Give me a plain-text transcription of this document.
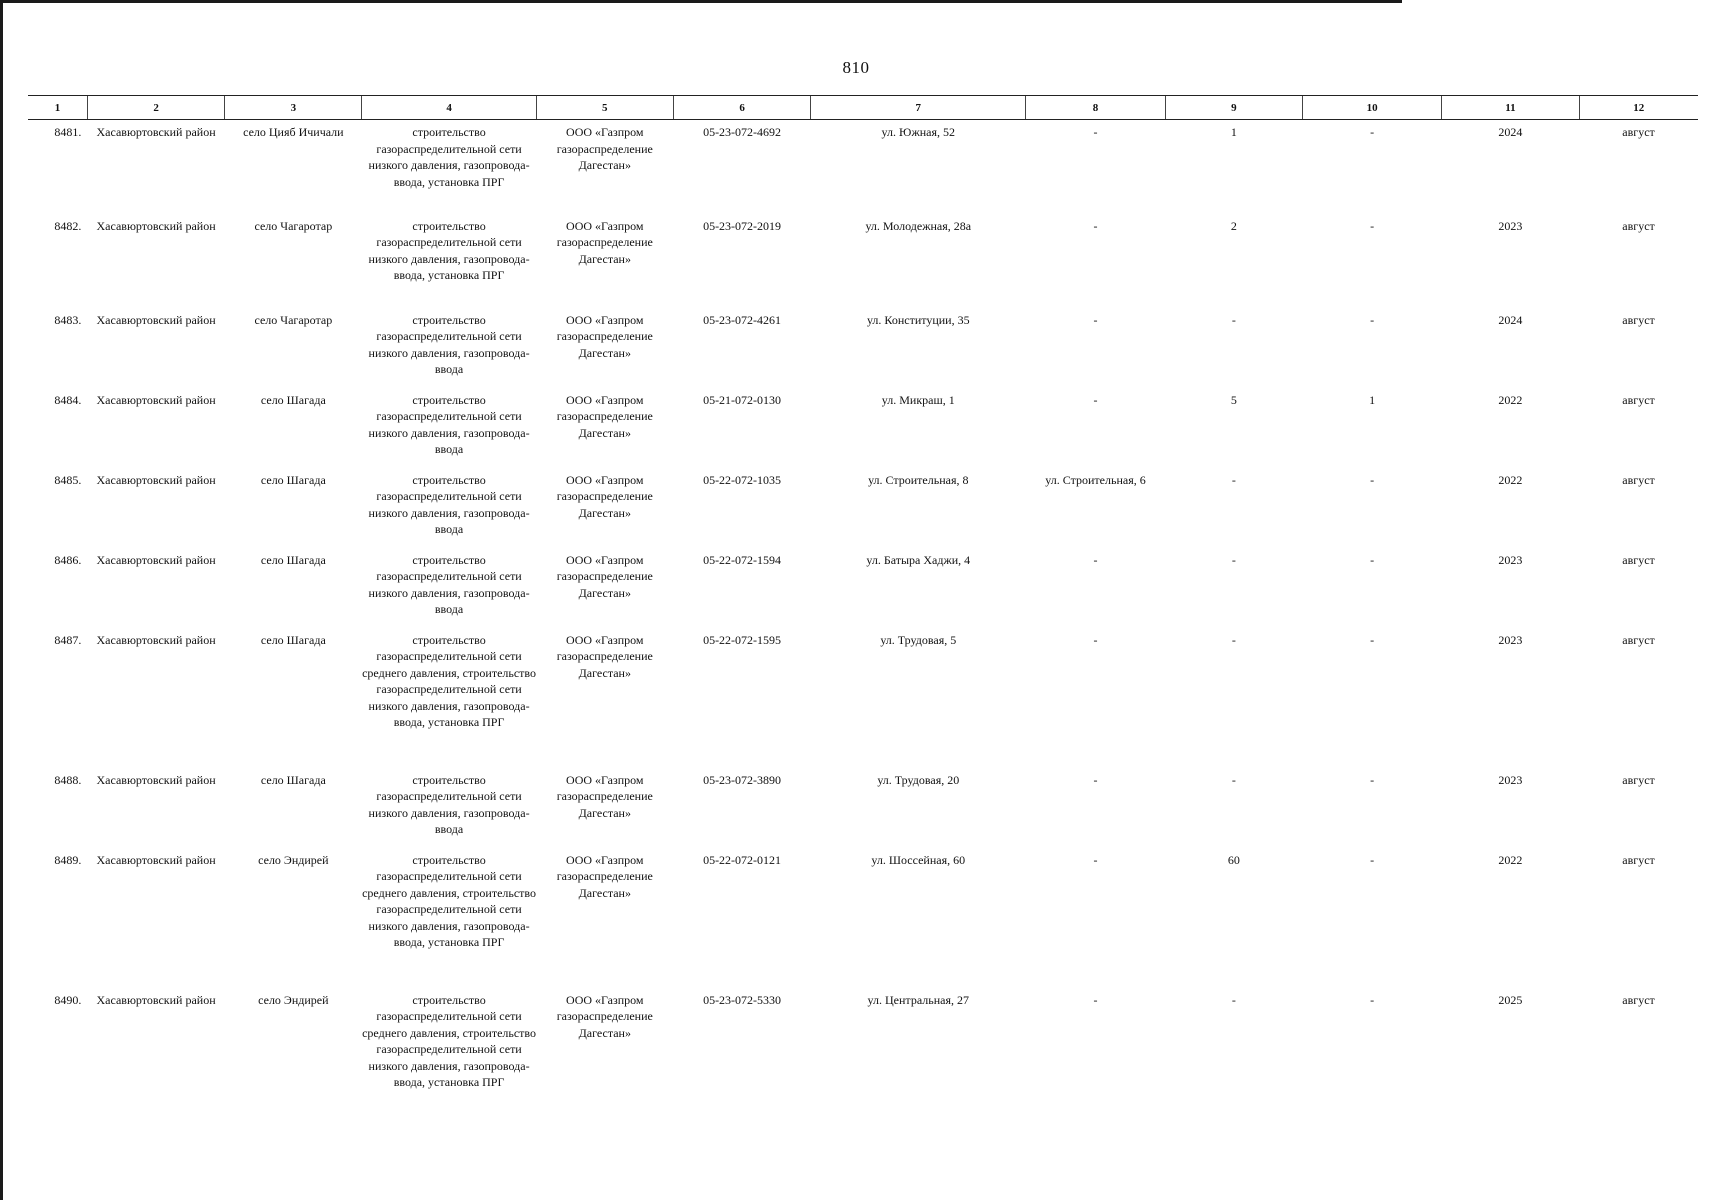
810
1	2	3	4	5	6	7	8	9	10	11	12
8481.	Хасавюртовский район	село Цияб Ичичали	строительство газораспределительной сети низкого давления, газопровода-ввода, установка ПРГ	ООО «Газпром газораспределение Дагестан»	05-23-072-4692	ул. Южная, 52	-	1	-	2024	август
8482.	Хасавюртовский район	село Чагаротар	строительство газораспределительной сети низкого давления, газопровода-ввода, установка ПРГ	ООО «Газпром газораспределение Дагестан»	05-23-072-2019	ул. Молодежная, 28а	-	2	-	2023	август
8483.	Хасавюртовский район	село Чагаротар	строительство газораспределительной сети низкого давления, газопровода-ввода	ООО «Газпром газораспределение Дагестан»	05-23-072-4261	ул. Конституции, 35	-	-	-	2024	август
8484.	Хасавюртовский район	село Шагада	строительство газораспределительной сети низкого давления, газопровода-ввода	ООО «Газпром газораспределение Дагестан»	05-21-072-0130	ул. Микраш, 1	-	5	1	2022	август
8485.	Хасавюртовский район	село Шагада	строительство газораспределительной сети низкого давления, газопровода-ввода	ООО «Газпром газораспределение Дагестан»	05-22-072-1035	ул. Строительная, 8	ул. Строительная, 6	-	-	2022	август
8486.	Хасавюртовский район	село Шагада	строительство газораспределительной сети низкого давления, газопровода-ввода	ООО «Газпром газораспределение Дагестан»	05-22-072-1594	ул. Батыра Хаджи, 4	-	-	-	2023	август
8487.	Хасавюртовский район	село Шагада	строительство газораспределительной сети среднего давления, строительство газораспределительной сети низкого давления, газопровода-ввода, установка ПРГ	ООО «Газпром газораспределение Дагестан»	05-22-072-1595	ул. Трудовая, 5	-	-	-	2023	август
8488.	Хасавюртовский район	село Шагада	строительство газораспределительной сети низкого давления, газопровода-ввода	ООО «Газпром газораспределение Дагестан»	05-23-072-3890	ул. Трудовая, 20	-	-	-	2023	август
8489.	Хасавюртовский район	село Эндирей	строительство газораспределительной сети среднего давления, строительство газораспределительной сети низкого давления, газопровода-ввода, установка ПРГ	ООО «Газпром газораспределение Дагестан»	05-22-072-0121	ул. Шоссейная, 60	-	60	-	2022	август
8490.	Хасавюртовский район	село Эндирей	строительство газораспределительной сети среднего давления, строительство газораспределительной сети низкого давления, газопровода-ввода, установка ПРГ	ООО «Газпром газораспределение Дагестан»	05-23-072-5330	ул. Центральная, 27	-	-	-	2025	август
